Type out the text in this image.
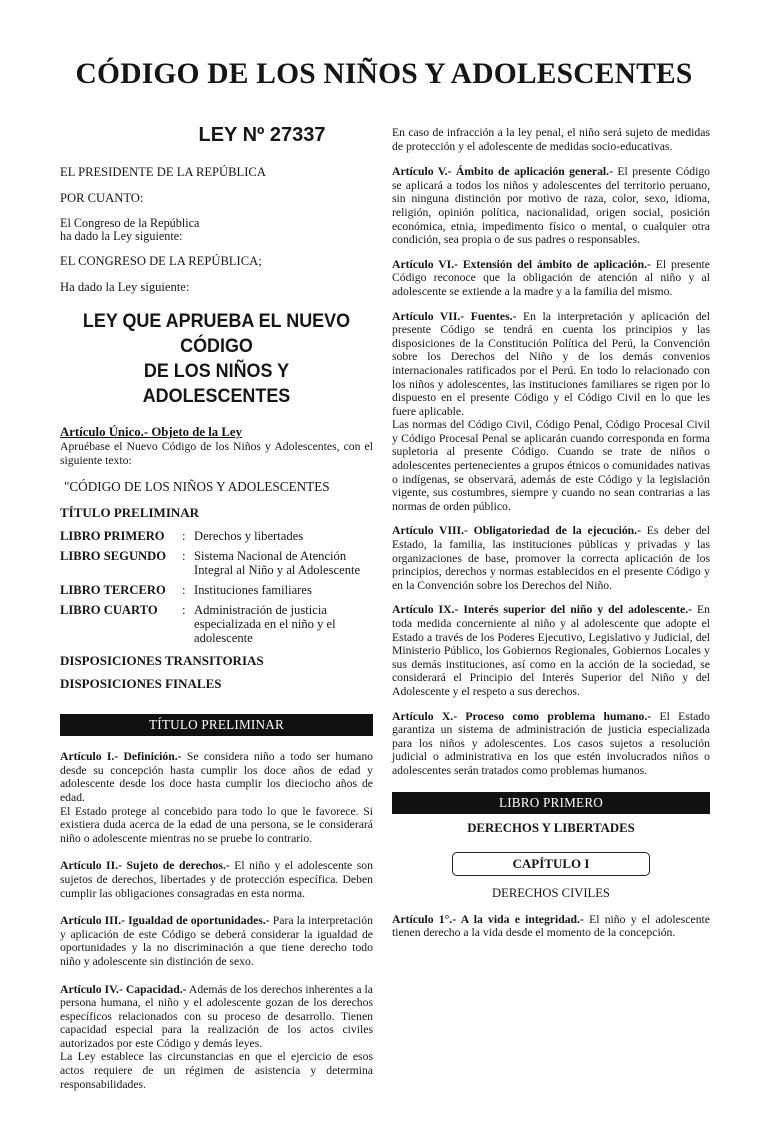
CÓDIGO DE LOS NIÑOS Y ADOLESCENTES
LEY Nº 27337

EL PRESIDENTE DE LA REPÚBLICA

POR CUANTO:

El Congreso de la República
ha dado la Ley siguiente:

EL CONGRESO DE LA REPÚBLICA;

Ha dado la Ley siguiente:

LEY QUE APRUEBA EL NUEVO CÓDIGO
DE LOS NIÑOS Y ADOLESCENTES

Artículo Único.- Objeto de la Ley

Apruébase el Nuevo Código de los Niños y Adolescentes, con el siguiente texto:

"CÓDIGO DE LOS NIÑOS Y ADOLESCENTES

TÍTULO PRELIMINAR

LIBRO PRIMERO	: Derechos y libertades
LIBRO SEGUNDO	: Sistema Nacional de Atención Integral al Niño y al Adolescente
LIBRO TERCERO	: Instituciones familiares
LIBRO CUARTO	: Administración de justicia especializada en el niño y el adolescente

DISPOSICIONES TRANSITORIAS

DISPOSICIONES FINALES

TÍTULO PRELIMINAR

Artículo I.- Definición.- Se considera niño a todo ser humano desde su concepción hasta cumplir los doce años de edad y adolescente desde los doce hasta cumplir los dieciocho años de edad.

El Estado protege al concebido para todo lo que le favorece. Si existiera duda acerca de la edad de una persona, se le considerará niño o adolescente mientras no se pruebe lo contrario.

Artículo II.- Sujeto de derechos.- El niño y el adolescente son sujetos de derechos, libertades y de protección específica. Deben cumplir las obligaciones consagradas en esta norma.

Artículo III.- Igualdad de oportunidades.- Para la interpretación y aplicación de este Código se deberá considerar la igualdad de oportunidades y la no discriminación a que tiene derecho todo niño y adolescente sin distinción de sexo.

Artículo IV.- Capacidad.- Además de los derechos inherentes a la persona humana, el niño y el adolescente gozan de los derechos específicos relacionados con su proceso de desarrollo. Tienen capacidad especial para la realización de los actos civiles autorizados por este Código y demás leyes.

La Ley establece las circunstancias en que el ejercicio de esos actos requiere de un régimen de asistencia y determina responsabilidades.

En caso de infracción a la ley penal, el niño será sujeto de medidas de protección y el adolescente de medidas socio-educativas.

Artículo V.- Ámbito de aplicación general.- El presente Código se aplicará a todos los niños y adolescentes del territorio peruano, sin ninguna distinción por motivo de raza, color, sexo, idioma, religión, opinión política, nacionalidad, origen social, posición económica, etnia, impedimento físico o mental, o cualquier otra condición, sea propia o de sus padres o responsables.

Artículo VI.- Extensión del ámbito de aplicación.- El presente Código reconoce que la obligación de atención al niño y al adolescente se extiende a la madre y a la familia del mismo.

Artículo VII.- Fuentes.- En la interpretación y aplicación del presente Código se tendrá en cuenta los principios y las disposiciones de la Constitución Política del Perú, la Convención sobre los Derechos del Niño y de los demás convenios internacionales ratificados por el Perú. En todo lo relacionado con los niños y adolescentes, las instituciones familiares se rigen por lo dispuesto en el presente Código y el Código Civil en lo que les fuere aplicable.

Las normas del Código Civil, Código Penal, Código Procesal Civil y Código Procesal Penal se aplicarán cuando corresponda en forma supletoria al presente Código. Cuando se trate de niños o adolescentes pertenecientes a grupos étnicos o comunidades nativas o indígenas, se observará, además de este Código y la legislación vigente, sus costumbres, siempre y cuando no sean contrarias a las normas de orden público.

Artículo VIII.- Obligatoriedad de la ejecución.- Es deber del Estado, la familia, las instituciones públicas y privadas y las organizaciones de base, promover la correcta aplicación de los principios, derechos y normas establecidos en el presente Código y en la Convención sobre los Derechos del Niño.

Artículo IX.- Interés superior del niño y del adolescente.- En toda medida concerniente al niño y al adolescente que adopte el Estado a través de los Poderes Ejecutivo, Legislativo y Judicial, del Ministerio Público, los Gobiernos Regionales, Gobiernos Locales y sus demás instituciones, así como en la acción de la sociedad, se considerará el Principio del Interés Superior del Niño y del Adolescente y el respeto a sus derechos.

Artículo X.- Proceso como problema humano.- El Estado garantiza un sistema de administración de justicia especializada para los niños y adolescentes. Los casos sujetos a resolución judicial o administrativa en los que estén involucrados niños o adolescentes serán tratados como problemas humanos.

LIBRO PRIMERO

DERECHOS Y LIBERTADES

CAPÍTULO I

DERECHOS CIVILES

Artículo 1°.- A la vida e integridad.- El niño y el adolescente tienen derecho a la vida desde el momento de la concepción.
